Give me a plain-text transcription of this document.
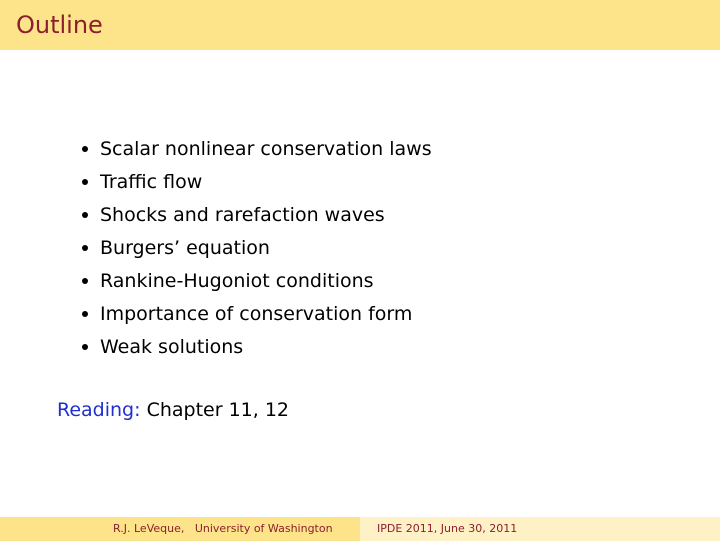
Outline
Scalar nonlinear conservation laws
Traffic flow
Shocks and rarefaction waves
Burgers’ equation
Rankine-Hugoniot conditions
Importance of conservation form
Weak solutions
Reading: Chapter 11, 12
R.J. LeVeque,   University of Washington	IPDE 2011, June 30, 2011
